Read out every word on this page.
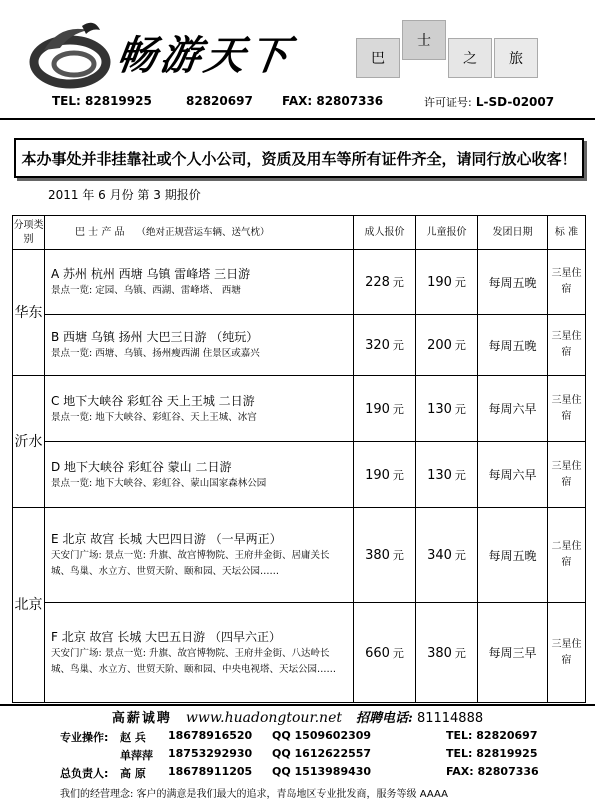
畅游天下	巴
士
之	旅
TEL: 82819925	82820697 FAX: 82807336	许可证号: L-SD-02007
本办事处并非挂靠社或个人小公司，资质及用车等所有证件齐全，请同行放心收客！
2011 年 6 月份 第 3 期报价
分项类别	巴 士 产 品 （绝对正规营运车辆、送气枕）	成人报价	儿童报价	发团日期	标 准
华东	A 苏州 杭州 西塘 乌镇 雷峰塔 三日游
景点一览: 定园、乌镇、西湖、雷峰塔、 西塘	228 元	190 元	每周五晚	三星住宿

	B 西塘 乌镇 扬州 大巴三日游 （纯玩）
景点一览: 西塘、乌镇、扬州瘦西湖 住景区或嘉兴	320 元	200 元	每周五晚	三星住宿
沂水	C 地下大峡谷 彩虹谷 天上王城 二日游
景点一览: 地下大峡谷、彩虹谷、天上王城、冰宫	190 元	130 元	每周六早	三星住宿

	D 地下大峡谷 彩虹谷 蒙山 二日游
景点一览: 地下大峡谷、彩虹谷、蒙山国家森林公园	190 元	130 元	每周六早	三星住宿
北京	E 北京 故宫 长城 大巴四日游 （一早两正）
天安门广场: 景点一览: 升旗、故宫博物院、王府井金街、居庸关长城、鸟巢、水立方、世贸天阶、颐和园、天坛公园……	380 元	340 元	每周五晚	二星住宿

	F 北京 故宫 长城 大巴五日游 （四早六正）
天安门广场: 景点一览: 升旗、故宫博物院、王府井金街、八达岭长城、鸟巢、水立方、世贸天阶、颐和园、中央电视塔、天坛公园……	660 元	380 元	每周三早	三星住宿
高薪诚聘 www.huadongtour.net 招聘电话: 81114888
专业操作: 赵 兵 18678916520 QQ 1509602309	TEL: 82820697
单萍萍 18753292930 QQ 1612622557	TEL: 82819925
总负责人: 高 原 18678911205 QQ 1513989430	FAX: 82807336
我们的经营理念: 客户的满意是我们最大的追求，青岛地区专业批发商，服务等级 AAAA
